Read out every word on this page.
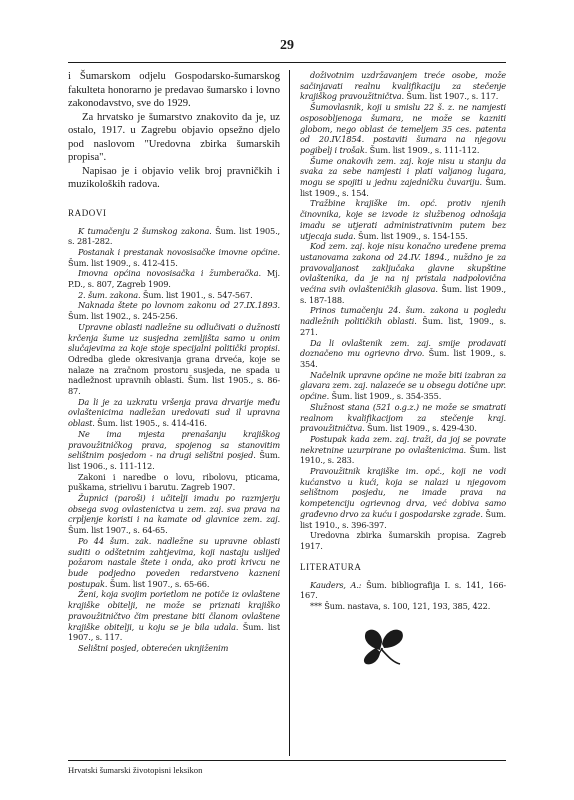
29

i Šumarskom odjelu Gospodarsko-šumarskog fakulteta honorarno je predavao šumarsko i lovno zakonodavstvo, sve do 1929.

Za hrvatsko je šumarstvo znakovito da je, uz ostalo, 1917. u Zagrebu objavio opsežno djelo pod naslovom "Uredovna zbirka šumarskih propisa".

Napisao je i objavio velik broj pravničkih i muzikoloških radova.

RADOVI

K tumačenju 2 šumskog zakona. Šum. list 1905., s. 281-282.

Postanak i prestanak novosisačke imovne općine. Šum. list 1909., s. 412-415.

Imovna općina novosisačka i žumberačka. Mj. P.D., s. 807, Zagreb 1909.

2. šum. zakona. Šum. list 1901., s. 547-567.

Naknada štete po lovnom zakonu od 27.IX.1893. Šum. list 1902., s. 245-256.

Upravne oblasti nadležne su odlučivati o dužnosti krčenja šume uz susjedna zemljišta samo u onim slučajevima za koje stoje specijalni politički propisi. Odredba glede okresivanja grana drveća, koje se nalaze na zračnom prostoru susjeda, ne spada u nadležnost upravnih oblasti. Šum. list 1905., s. 86-87.

Da li je za uzkratu vršenja prava drvarije među ovlaštenicima nadležan uredovati sud il upravna oblast. Šum. list 1905., s. 414-416.

Ne ima mjesta prenašanju krajiškog pravoužitničkog prava, spojenog sa stanovitim selištnim posjedom - na drugi selištni posjed. Šum. list 1906., s. 111-112.

Zakoni i naredbe o lovu, ribolovu, pticama, puškama, strielivu i barutu. Zagreb 1907.

Župnici (paroši) i učitelji imadu po razmjerju obsega svog ovlastenictva u zem. zaj. sva prava na crpljenje koristi i na kamate od glavnice zem. zaj. Šum. list 1907., s. 64-65.

Po 44 šum. zak. nadležne su upravne oblasti suditi o odštetnim zahtjevima, koji nastaju uslijed požarom nastale štete i onda, ako proti krivcu ne bude podjedno poveden redarstveno kazneni postupak. Šum. list 1907., s. 65-66.

Ženi, koja svojim porietlom ne potiče iz ovlaštene krajiške obitelji, ne može se priznati krajiško pravoužitničtvo čim prestane biti članom ovlaštene krajiške obitelji, u koju se je bila udala. Šum. list 1907., s. 117.

Selištni posjed, obterećen uknjiženim

doživotnim uzdržavanjem treće osobe, može sačinjavati realnu kvalifikaciju za stečenje krajiškog pravoužitničtva. Šum. list 1907., s. 117.

Šumovlasnik, koji u smislu 22 š. z. ne namjesti osposobljenoga šumara, ne može se kazniti globom, nego oblast će temeljem 35 ces. patenta od 20.IV.1854. postaviti šumara na njegovu pogibelj i trošak. Šum. list 1909., s. 111-112.

Šume onakovih zem. zaj. koje nisu u stanju da svaka za sebe namjesti i plati valjanog lugara, mogu se spojiti u jednu zajedničku čuvariju. Šum. list 1909., s. 154.

Tražbine krajiške im. opć. protiv njenih činovnika, koje se izvode iz službenog odnošaja imadu se utjerati administrativnim putem bez utjecaja suda. Šum. list 1909., s. 154-155.

Kod zem. zaj. koje nisu konačno uređene prema ustanovama zakona od 24.IV. 1894., nuždno je za pravovaljanost zaključaka glavne skupštine ovlaštenika, da je na nj pristala nadpolovična većina svih ovlašteničkih glasova. Šum. list 1909., s. 187-188.

Prinos tumačenju 24. šum. zakona u pogledu nadležnih političkih oblasti. Šum. list, 1909., s. 271.

Da li ovlaštenik zem. zaj. smije prodavati doznačeno mu ogrievno drvo. Šum. list 1909., s. 354.

Načelnik upravne općine ne može biti izabran za glavara zem. zaj. nalazeće se u obsegu dotične upr. općine. Šum. list 1909., s. 354-355.

Služnost stana (521 o.g.z.) ne može se smatrati realnom kvalifikacijom za stečenje kraj. pravoužitničtva. Šum. list 1909., s. 429-430.

Postupak kada zem. zaj. traži, da joj se povrate nekretnine uzurpirane po ovlaštenicima. Šum. list 1910., s. 283.

Pravoužitnik krajiške im. opć., koji ne vodi kućanstvo u kući, koja se nalazi u njegovom selištnom posjedu, ne imade prava na kompetenciju ogrievnog drva, već dobiva samo građevno drvo za kuću i gospodarske zgrade. Šum. list 1910., s. 396-397.

Uredovna zbirka šumarskih propisa. Zagreb 1917.

LITERATURA

Kauders, A.: Šum. bibliografija I. s. 141, 166-167.

*** Šum. nastava, s. 100, 121, 193, 385, 422.

Hrvatski šumarski životopisni leksikon
